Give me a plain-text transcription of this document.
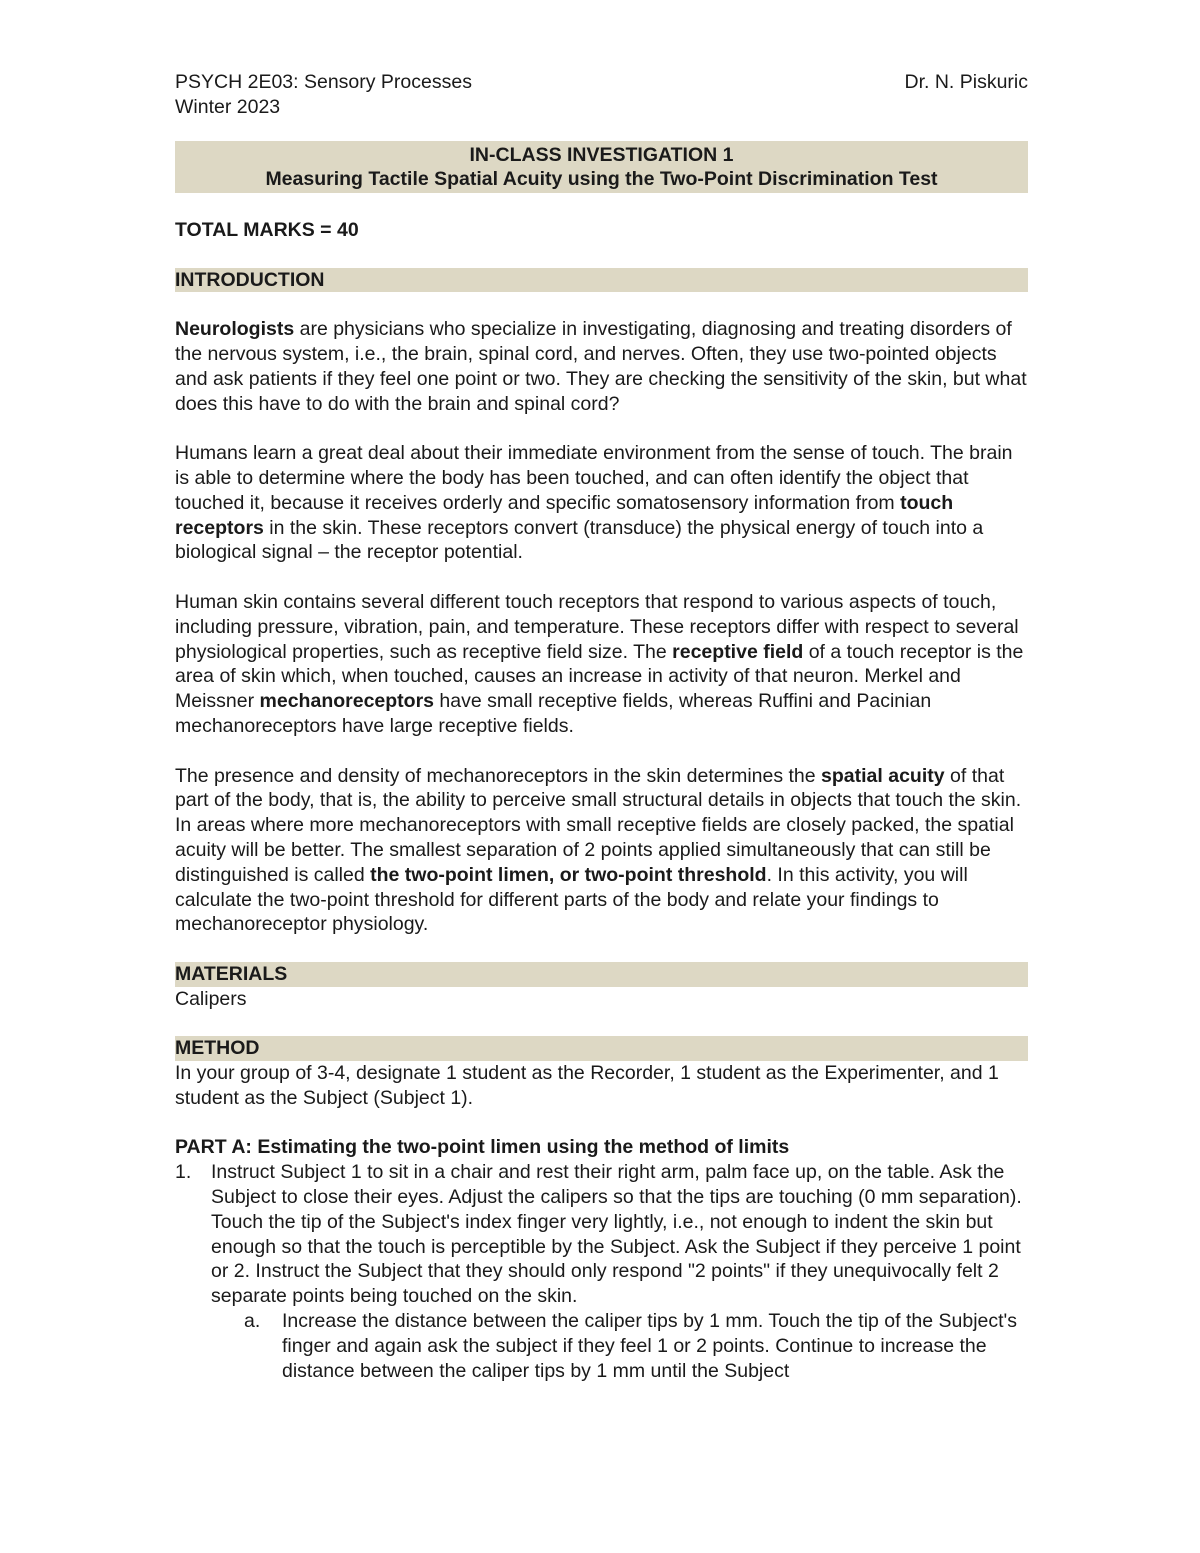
PSYCH 2E03: Sensory Processes	Dr. N. Piskuric
Winter 2023
IN-CLASS INVESTIGATION 1
Measuring Tactile Spatial Acuity using the Two-Point Discrimination Test
TOTAL MARKS = 40
INTRODUCTION

Neurologists are physicians who specialize in investigating, diagnosing and treating disorders of the nervous system, i.e., the brain, spinal cord, and nerves. Often, they use two-pointed objects and ask patients if they feel one point or two. They are checking the sensitivity of the skin, but what does this have to do with the brain and spinal cord?

Humans learn a great deal about their immediate environment from the sense of touch. The brain is able to determine where the body has been touched, and can often identify the object that touched it, because it receives orderly and specific somatosensory information from touch receptors in the skin. These receptors convert (transduce) the physical energy of touch into a biological signal – the receptor potential.

Human skin contains several different touch receptors that respond to various aspects of touch, including pressure, vibration, pain, and temperature. These receptors differ with respect to several physiological properties, such as receptive field size. The receptive field of a touch receptor is the area of skin which, when touched, causes an increase in activity of that neuron. Merkel and Meissner mechanoreceptors have small receptive fields, whereas Ruffini and Pacinian mechanoreceptors have large receptive fields.

The presence and density of mechanoreceptors in the skin determines the spatial acuity of that part of the body, that is, the ability to perceive small structural details in objects that touch the skin. In areas where more mechanoreceptors with small receptive fields are closely packed, the spatial acuity will be better. The smallest separation of 2 points applied simultaneously that can still be distinguished is called the two-point limen, or two-point threshold. In this activity, you will calculate the two-point threshold for different parts of the body and relate your findings to mechanoreceptor physiology.

MATERIALS
Calipers
METHOD

In your group of 3-4, designate 1 student as the Recorder, 1 student as the Experimenter, and 1 student as the Subject (Subject 1).

PART A: Estimating the two-point limen using the method of limits
1.	Instruct Subject 1 to sit in a chair and rest their right arm, palm face up, on the table. Ask the Subject to close their eyes. Adjust the calipers so that the tips are touching (0 mm separation). Touch the tip of the Subject's index finger very lightly, i.e., not enough to indent the skin but enough so that the touch is perceptible by the Subject. Ask the Subject if they perceive 1 point or 2. Instruct the Subject that they should only respond "2 points" if they unequivocally felt 2 separate points being touched on the skin.
a.	Increase the distance between the caliper tips by 1 mm. Touch the tip of the Subject's finger and again ask the subject if they feel 1 or 2 points. Continue to increase the distance between the caliper tips by 1 mm until the Subject
